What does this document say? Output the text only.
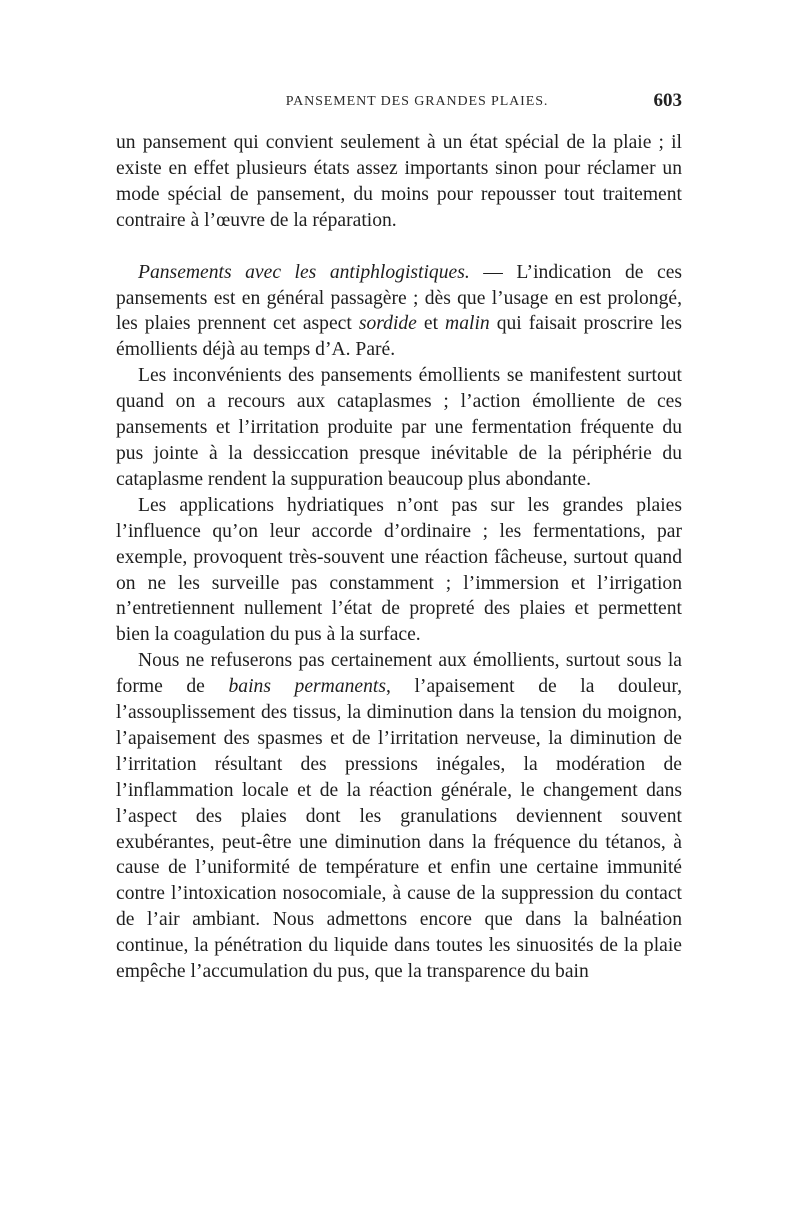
PANSEMENT DES GRANDES PLAIES.	603

un pansement qui convient seulement à un état spécial de la plaie ; il existe en effet plusieurs états assez importants sinon pour réclamer un mode spécial de pansement, du moins pour repousser tout traitement contraire à l’œuvre de la réparation.

Pansements avec les antiphlogistiques. — L’indication de ces pansements est en général passagère ; dès que l’usage en est prolongé, les plaies prennent cet aspect sordide et malin qui faisait proscrire les émollients déjà au temps d’A. Paré.

Les inconvénients des pansements émollients se manifestent surtout quand on a recours aux cataplasmes ; l’action émolliente de ces pansements et l’irritation produite par une fermentation fréquente du pus jointe à la dessiccation presque inévitable de la périphérie du cataplasme rendent la suppuration beaucoup plus abondante.

Les applications hydriatiques n’ont pas sur les grandes plaies l’influence qu’on leur accorde d’ordinaire ; les fermentations, par exemple, provoquent très-souvent une réaction fâcheuse, surtout quand on ne les surveille pas constamment ; l’immersion et l’irrigation n’entretiennent nullement l’état de propreté des plaies et permettent bien la coagulation du pus à la surface.

Nous ne refuserons pas certainement aux émollients, surtout sous la forme de bains permanents, l’apaisement de la douleur, l’assouplissement des tissus, la diminution dans la tension du moignon, l’apaisement des spasmes et de l’irritation nerveuse, la diminution de l’irritation résultant des pressions inégales, la modération de l’inflammation locale et de la réaction générale, le changement dans l’aspect des plaies dont les granulations deviennent souvent exubérantes, peut-être une diminution dans la fréquence du tétanos, à cause de l’uniformité de température et enfin une certaine immunité contre l’intoxication nosocomiale, à cause de la suppression du contact de l’air ambiant. Nous admettons encore que dans la balnéation continue, la pénétration du liquide dans toutes les sinuosités de la plaie empêche l’accumulation du pus, que la transparence du bain
